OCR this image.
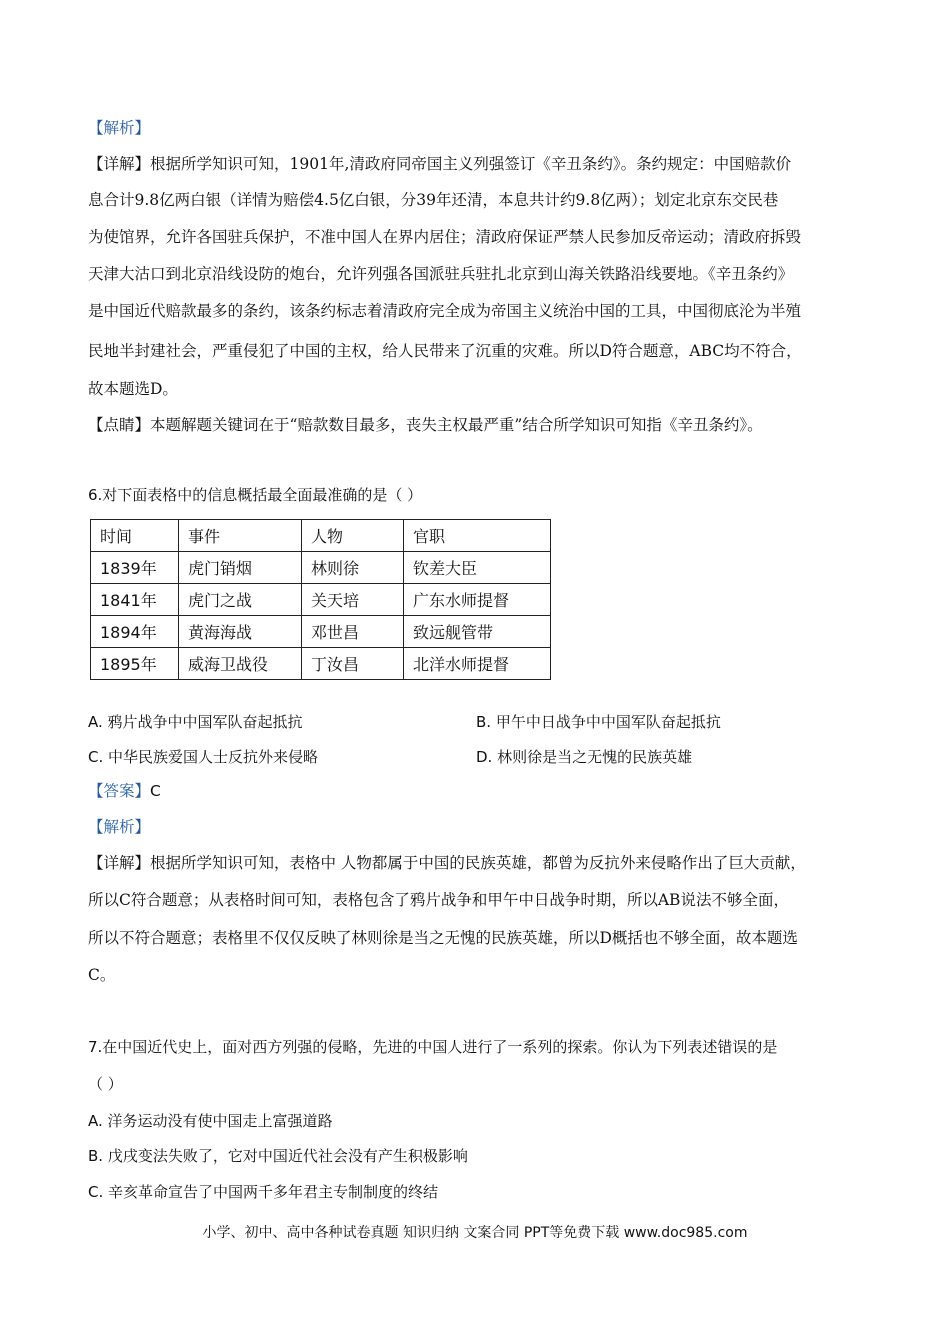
【解析】
【详解】根据所学知识可知，1901年,清政府同帝国主义列强签订《辛丑条约》。条约规定：中国赔款价
息合计9.8亿两白银（详情为赔偿4.5亿白银，分39年还清，本息共计约9.8亿两）；划定北京东交民巷
为使馆界，允许各国驻兵保护，不准中国人在界内居住；清政府保证严禁人民参加反帝运动；清政府拆毁
天津大沽口到北京沿线设防的炮台，允许列强各国派驻兵驻扎北京到山海关铁路沿线要地。《辛丑条约》
是中国近代赔款最多的条约，该条约标志着清政府完全成为帝国主义统治中国的工具，中国彻底沦为半殖
民地半封建社会，严重侵犯了中国的主权，给人民带来了沉重的灾难。所以D符合题意，ABC均不符合，
故本题选D。
【点睛】本题解题关键词在于“赔款数目最多，丧失主权最严重”结合所学知识可知指《辛丑条约》。
6.对下面表格中的信息概括最全面最准确的是（ ）
时间	事件	人物	官职
1839年	虎门销烟	林则徐	钦差大臣
1841年	虎门之战	关天培	广东水师提督
1894年	黄海海战	邓世昌	致远舰管带
1895年	威海卫战役	丁汝昌	北洋水师提督
A. 鸦片战争中中国军队奋起抵抗	B. 甲午中日战争中中国军队奋起抵抗
C. 中华民族爱国人士反抗外来侵略	D. 林则徐是当之无愧的民族英雄
【答案】C
【解析】
【详解】根据所学知识可知，表格中 人物都属于中国的民族英雄，都曾为反抗外来侵略作出了巨大贡献，
所以C符合题意；从表格时间可知，表格包含了鸦片战争和甲午中日战争时期，所以AB说法不够全面，
所以不符合题意；表格里不仅仅反映了林则徐是当之无愧的民族英雄，所以D概括也不够全面，故本题选
C。
7.在中国近代史上，面对西方列强的侵略，先进的中国人进行了一系列的探索。你认为下列表述错误的是
（ ）
A. 洋务运动没有使中国走上富强道路
B. 戊戌变法失败了，它对中国近代社会没有产生积极影响
C. 辛亥革命宣告了中国两千多年君主专制制度的终结
小学、初中、高中各种试卷真题 知识归纳 文案合同 PPT等免费下载 www.doc985.com
